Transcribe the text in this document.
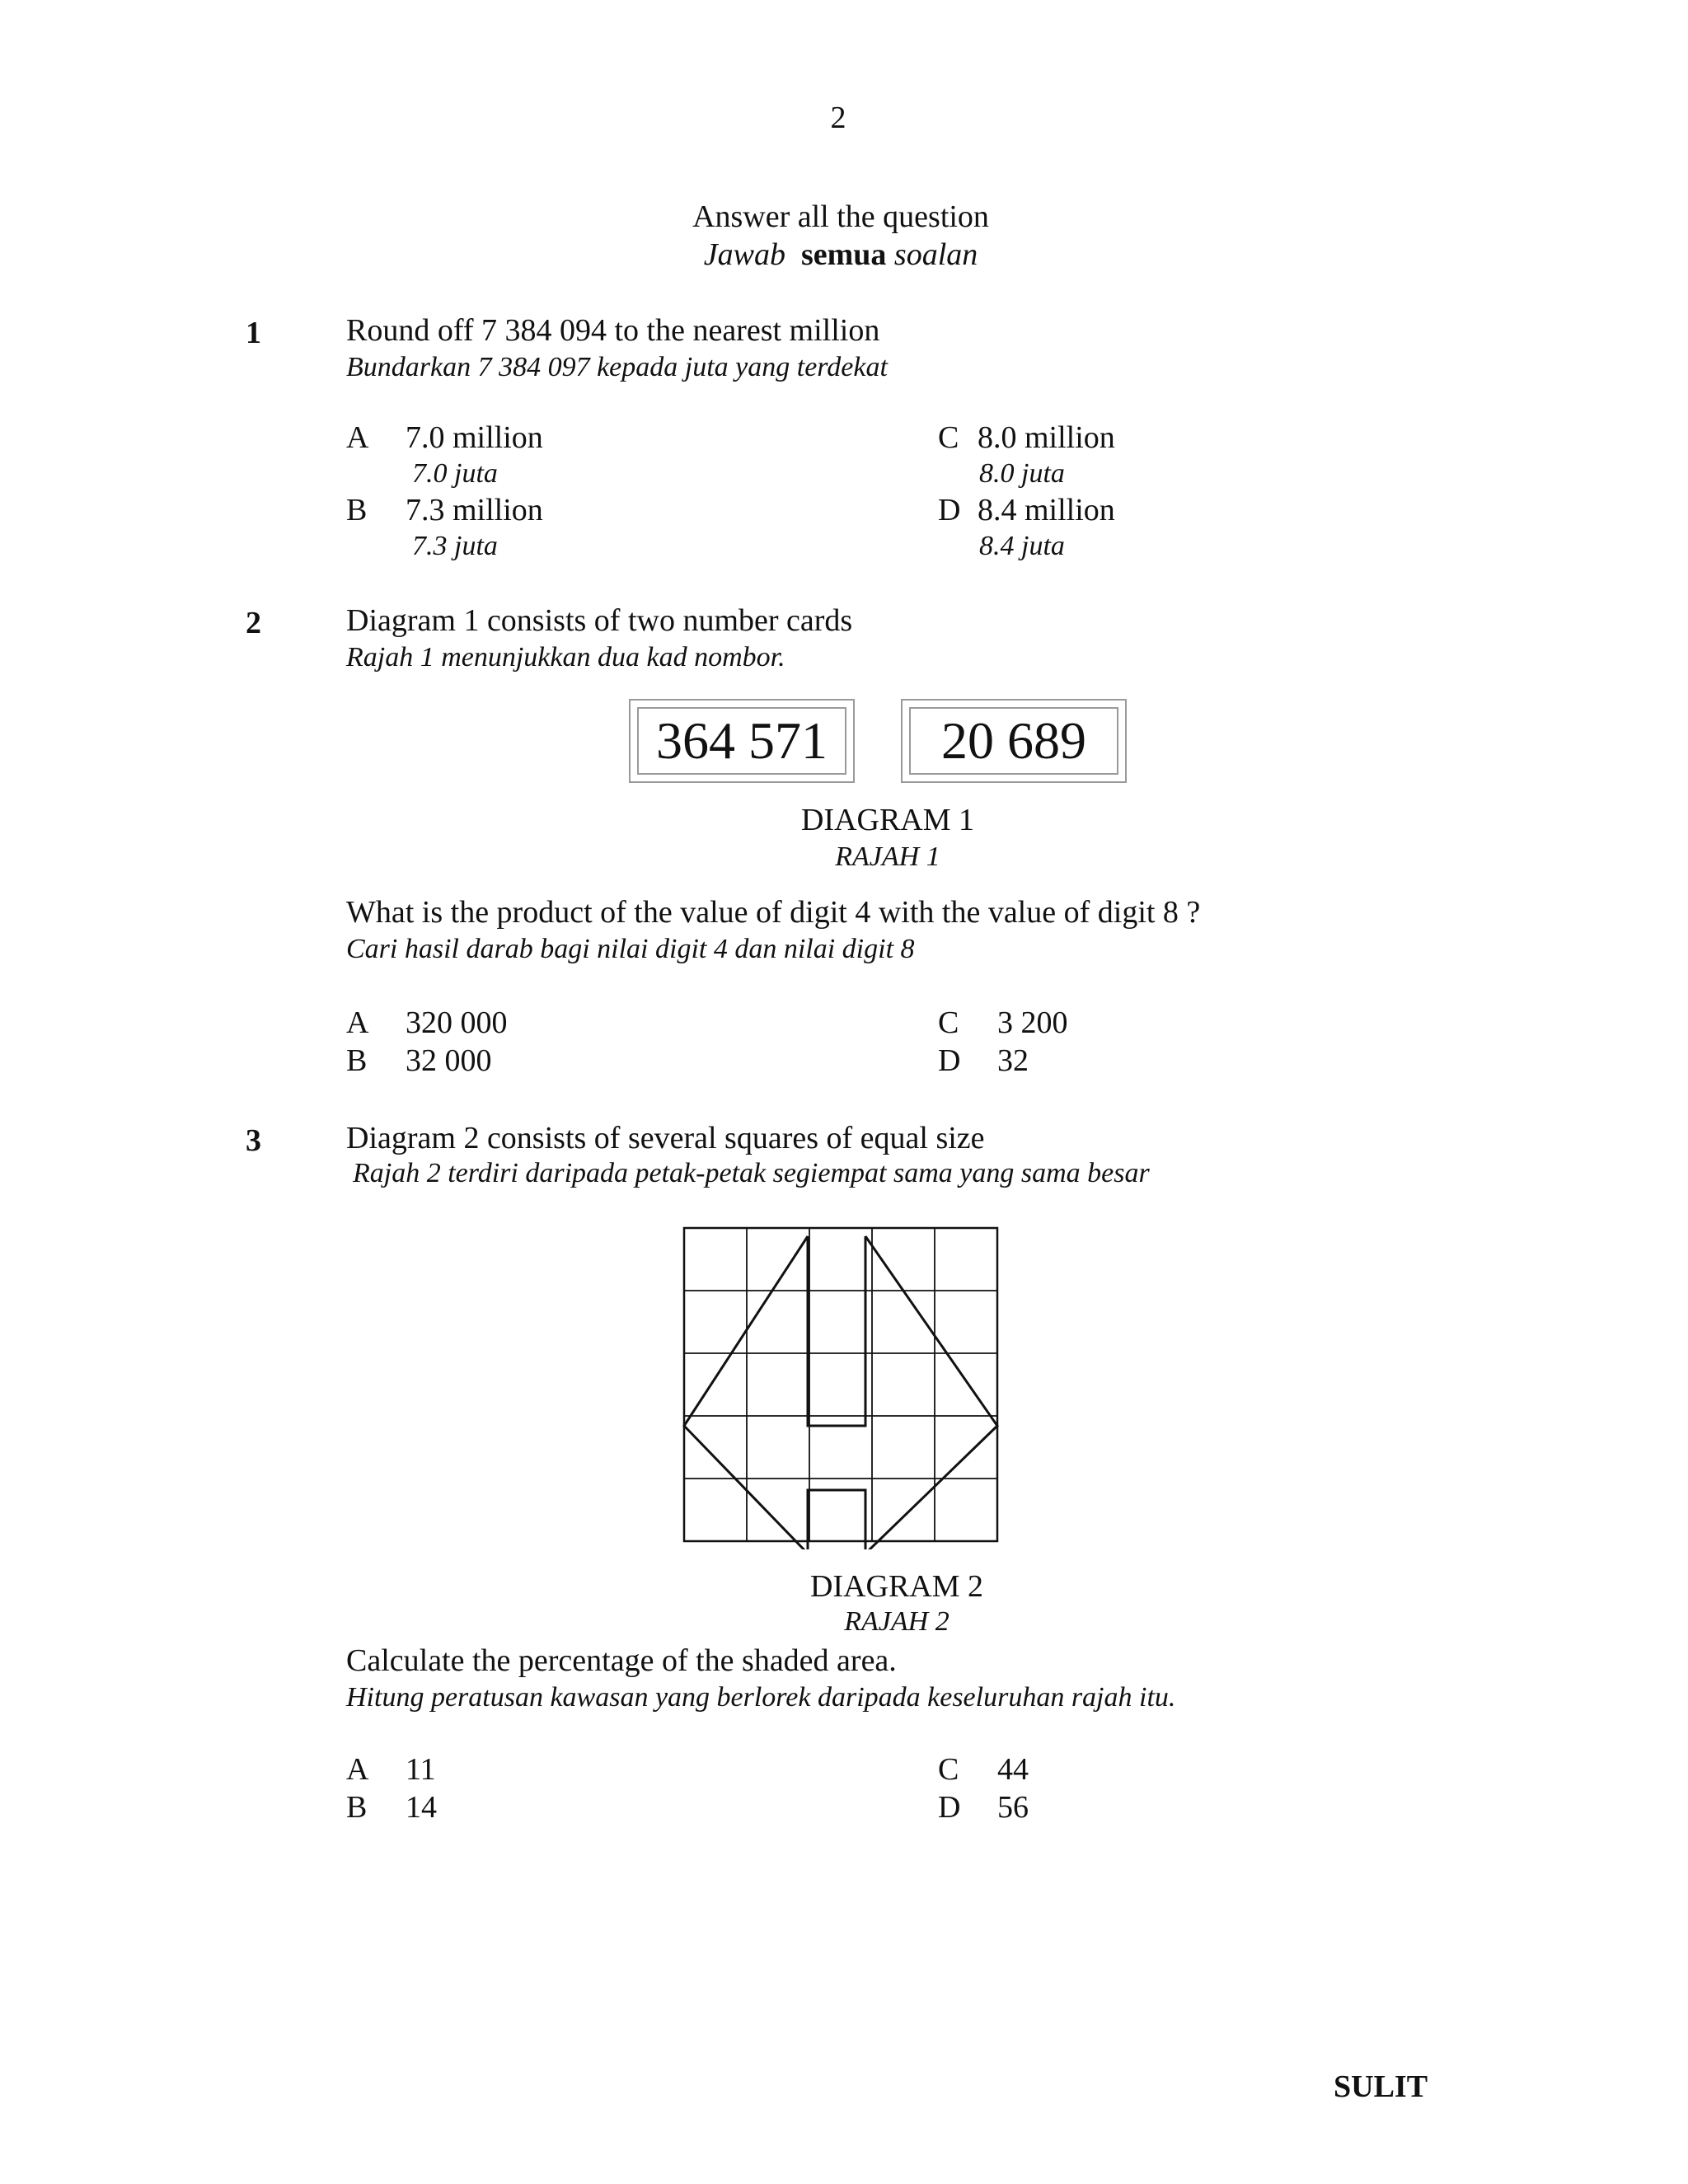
2
Answer all the question
Jawab semua soalan
1	Round off 7 384 094 to the nearest million
Bundarkan 7 384 097 kepada juta yang terdekat
A 7.0 million
7.0 juta
B 7.3 million
7.3 juta
C 8.0 million
8.0 juta
D 8.4 million
8.4 juta
2	Diagram 1 consists of two number cards
Rajah 1 menunjukkan dua kad nombor.
364 571	20 689
DIAGRAM 1
RAJAH 1
What is the product of the value of digit 4 with the value of digit 8 ?
Cari hasil darab bagi nilai digit 4 dan nilai digit 8
A 320 000
B 32 000
C 3 200
D 32
3	Diagram 2 consists of several squares of equal size
Rajah 2 terdiri daripada petak-petak segiempat sama yang sama besar
DIAGRAM 2
RAJAH 2
Calculate the percentage of the shaded area.
Hitung peratusan kawasan yang berlorek daripada keseluruhan rajah itu.
A 11
B 14
C 44
D 56
SULIT
